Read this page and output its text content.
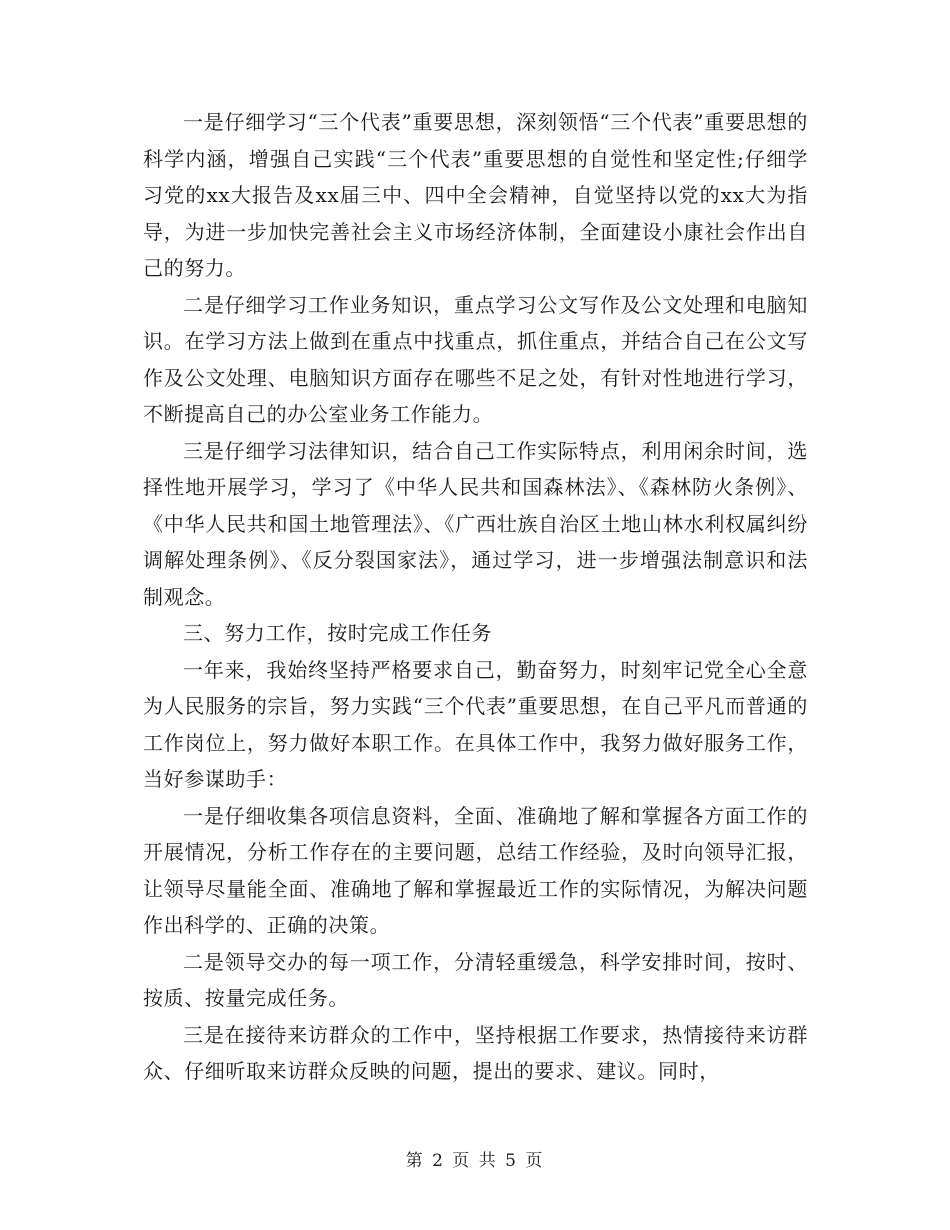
一是仔细学习“三个代表”重要思想，深刻领悟“三个代表”重要思想的科学内涵，增强自己实践“三个代表”重要思想的自觉性和坚定性;仔细学习党的xx大报告及xx届三中、四中全会精神，自觉坚持以党的xx大为指导，为进一步加快完善社会主义市场经济体制，全面建设小康社会作出自己的努力。

二是仔细学习工作业务知识，重点学习公文写作及公文处理和电脑知识。在学习方法上做到在重点中找重点，抓住重点，并结合自己在公文写作及公文处理、电脑知识方面存在哪些不足之处，有针对性地进行学习，不断提高自己的办公室业务工作能力。

三是仔细学习法律知识，结合自己工作实际特点，利用闲余时间，选择性地开展学习，学习了《中华人民共和国森林法》、《森林防火条例》、《中华人民共和国土地管理法》、《广西壮族自治区土地山林水利权属纠纷调解处理条例》、《反分裂国家法》，通过学习，进一步增强法制意识和法制观念。

三、努力工作，按时完成工作任务

一年来，我始终坚持严格要求自己，勤奋努力，时刻牢记党全心全意为人民服务的宗旨，努力实践“三个代表”重要思想，在自己平凡而普通的工作岗位上，努力做好本职工作。在具体工作中，我努力做好服务工作，当好参谋助手：

一是仔细收集各项信息资料，全面、准确地了解和掌握各方面工作的开展情况，分析工作存在的主要问题，总结工作经验，及时向领导汇报，让领导尽量能全面、准确地了解和掌握最近工作的实际情况，为解决问题作出科学的、正确的决策。

二是领导交办的每一项工作，分清轻重缓急，科学安排时间，按时、按质、按量完成任务。

三是在接待来访群众的工作中，坚持根据工作要求，热情接待来访群众、仔细听取来访群众反映的问题，提出的要求、建议。同时，

第 2 页 共 5 页
